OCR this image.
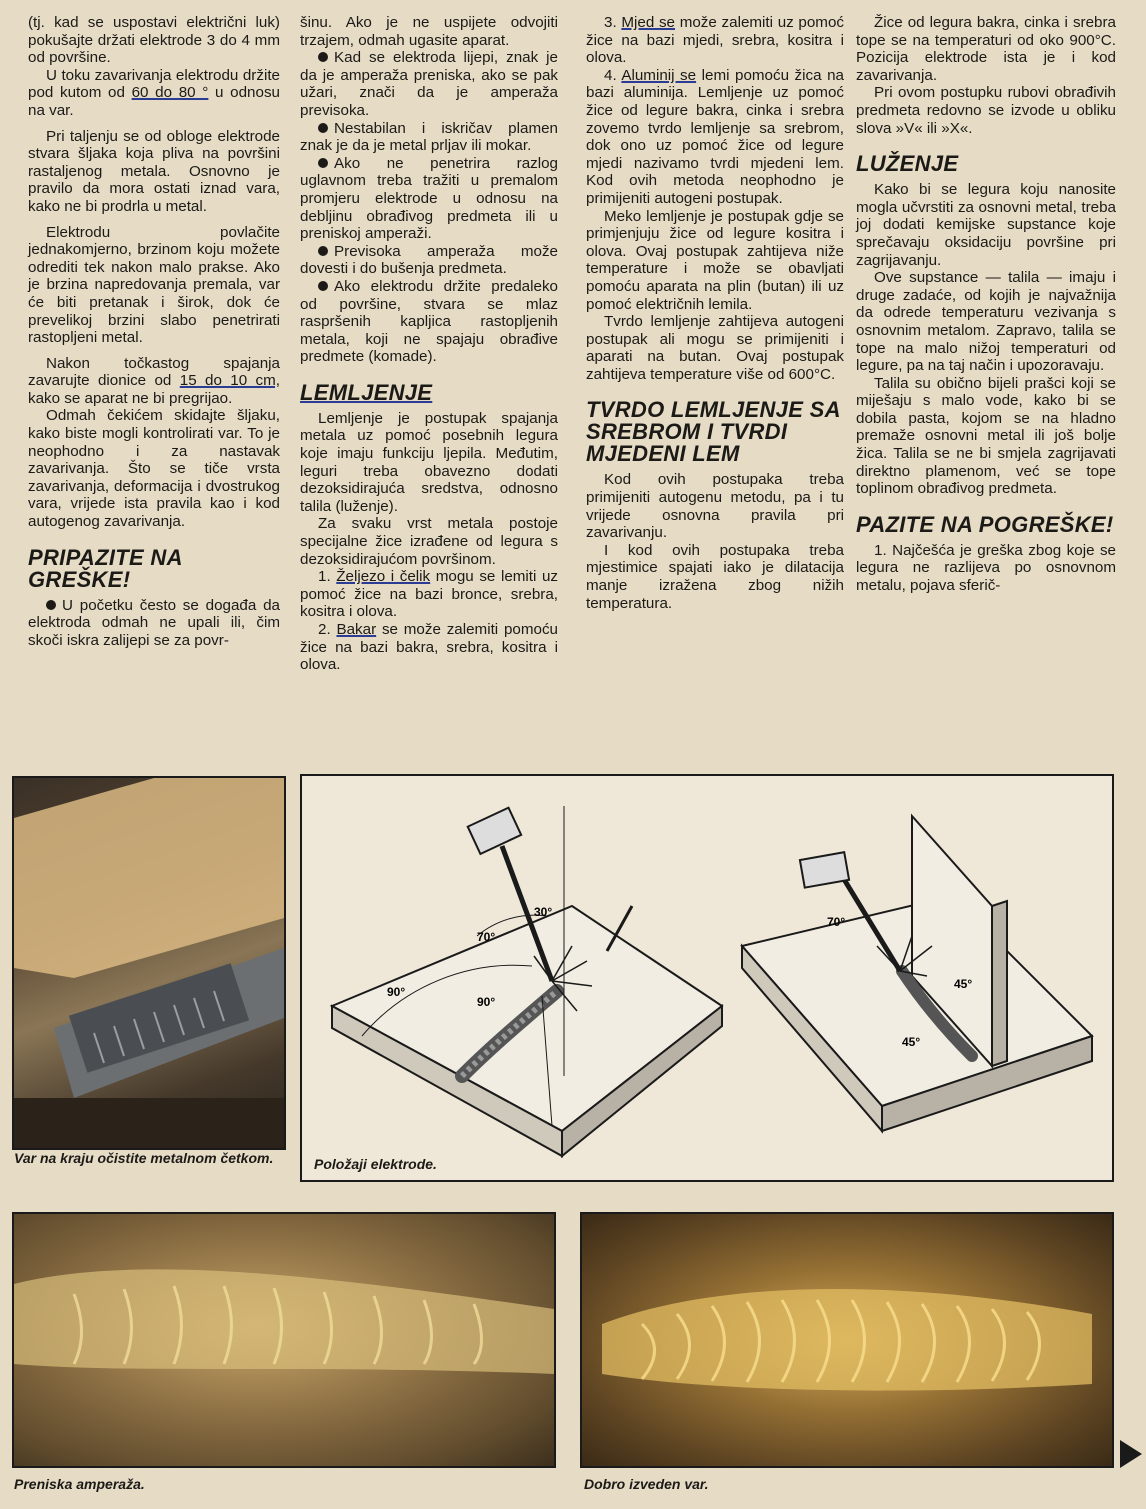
(tj. kad se uspostavi električni luk) pokušajte držati elektrode 3 do 4 mm od površine.

U toku zavarivanja elektrodu držite pod kutom od 60 do 80 ° u odnosu na var.

Pri taljenju se od obloge elektrode stvara šljaka koja pliva na površini rastaljenog metala. Osnovno je pravilo da mora ostati iznad vara, kako ne bi prodrla u metal.

Elektrodu povlačite jednakomjerno, brzinom koju možete odrediti tek nakon malo prakse. Ako je brzina napredovanja premala, var će biti pretanak i širok, dok će prevelikoj brzini slabo penetrirati rastopljeni metal.

Nakon točkastog spajanja zavarujte dionice od 15 do 10 cm, kako se aparat ne bi pregrijao.

Odmah čekićem skidajte šljaku, kako biste mogli kontrolirati var. To je neophodno i za nastavak zavarivanja. Što se tiče vrsta zavarivanja, deformacija i dvostrukog vara, vrijede ista pravila kao i kod autogenog zavarivanja.

PRIPAZITE NA GREŠKE!

U početku često se događa da elektroda odmah ne upali ili, čim skoči iskra zalijepi se za povr-

šinu. Ako je ne uspijete odvojiti trzajem, odmah ugasite aparat.

Kad se elektroda lijepi, znak je da je amperaža preniska, ako se pak užari, znači da je amperaža previsoka.

Nestabilan i iskričav plamen znak je da je metal prljav ili mokar.

Ako ne penetrira razlog uglavnom treba tražiti u premalom promjeru elektrode u odnosu na debljinu obrađivog predmeta ili u preniskoj amperaži.

Previsoka amperaža može dovesti i do bušenja predmeta.

Ako elektrodu držite predaleko od površine, stvara se mlaz raspršenih kapljica rastopljenih metala, koji ne spajaju obrađive predmete (komade).

LEMLJENJE

Lemljenje je postupak spajanja metala uz pomoć posebnih legura koje imaju funkciju ljepila. Međutim, leguri treba obavezno dodati dezoksidirajuća sredstva, odnosno talila (luženje).

Za svaku vrst metala postoje specijalne žice izrađene od legura s dezoksidirajućom površinom.

1. Željezo i čelik mogu se lemiti uz pomoć žice na bazi bronce, srebra, kositra i olova.

2. Bakar se može zalemiti pomoću žice na bazi bakra, srebra, kositra i olova.

3. Mjed se može zalemiti uz pomoć žice na bazi mjedi, srebra, kositra i olova.

4. Aluminij se lemi pomoću žica na bazi aluminija. Lemljenje uz pomoć žice od legure bakra, cinka i srebra zovemo tvrdo lemljenje sa srebrom, dok ono uz pomoć žice od legure mjedi nazivamo tvrdi mjedeni lem. Kod ovih metoda neophodno je primijeniti autogeni postupak.

Meko lemljenje je postupak gdje se primjenjuju žice od legure kositra i olova. Ovaj postupak zahtijeva niže temperature i može se obavljati pomoću aparata na plin (butan) ili uz pomoć električnih lemila.

Tvrdo lemljenje zahtijeva autogeni postupak ali mogu se primijeniti i aparati na butan. Ovaj postupak zahtijeva temperature više od 600°C.

TVRDO LEMLJENJE SA SREBROM I TVRDI MJEDENI LEM

Kod ovih postupaka treba primijeniti autogenu metodu, pa i tu vrijede osnovna pravila pri zavarivanju.

I kod ovih postupaka treba mjestimice spajati iako je dilatacija manje izražena zbog nižih temperatura.

Žice od legura bakra, cinka i srebra tope se na temperaturi od oko 900°C. Pozicija elektrode ista je i kod zavarivanja.

Pri ovom postupku rubovi obrađivih predmeta redovno se izvode u obliku slova »V« ili »X«.

LUŽENJE

Kako bi se legura koju nanosite mogla učvrstiti za osnovni metal, treba joj dodati kemijske supstance koje sprečavaju oksidaciju površine pri zagrijavanju.

Ove supstance — talila — imaju i druge zadaće, od kojih je najvažnija da odrede temperaturu vezivanja s osnovnim metalom. Zapravo, talila se tope na malo nižoj temperaturi od legure, pa na taj način i upozoravaju.

Talila su obično bijeli prašci koji se miješaju s malo vode, kako bi se dobila pasta, kojom se na hladno premaže osnovni metal ili još bolje žica. Talila se ne bi smjela zagrijavati direktno plamenom, već se tope toplinom obrađivog predmeta.

PAZITE NA POGREŠKE!

1. Najčešća je greška zbog koje se legura ne razlijeva po osnovnom metalu, pojava sferič-

Var na kraju očistite metalnom četkom.
30°
70°
90°
90°
70°
45°
45°
Položaji elektrode.
Preniska amperaža.	Dobro izveden var.
